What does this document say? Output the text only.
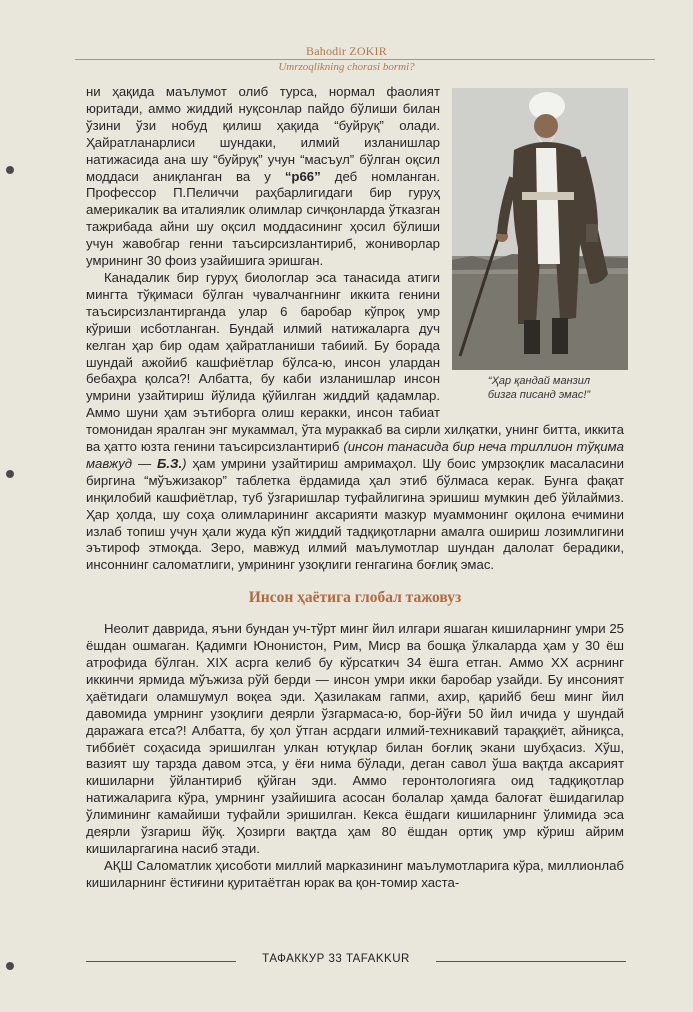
Bahodir ZOKIR
Umrzoqlikning chorasi bormi?
“Ҳар қандай манзил
бизга писанд эмас!”

ни ҳақида маълумот олиб турса, нормал фаолият юритади, аммо жиддий нуқсонлар пайдо бўлиши билан ўзини ўзи нобуд қилиш ҳақида “буйруқ” олади. Ҳайратланарлиси шундаки, илмий изланишлар натижасида ана шу “буйруқ” учун “масъул” бўлган оқсил моддаси аниқланган ва у “р66” деб номланган. Профессор П.Пеличчи раҳбарлигидаги бир гуруҳ америкалик ва италиялик олимлар сичқонларда ўтказган тажрибада айни шу оқсил моддасининг ҳосил бўлиши учун жавобгар генни таъсирсизлантириб, жониворлар умрининг 30 фоиз узайишига эришган.

Канадалик бир гуруҳ биологлар эса танасида атиги мингта тўқимаси бўлган чувалчангнинг иккита генини таъсирсизлантирганда улар 6 баробар кўпроқ умр кўриши исботланган. Бундай илмий натижаларга дуч келган ҳар бир одам ҳайратланиши табиий. Бу борада шундай ажойиб кашфиётлар бўлса-ю, инсон улардан бебаҳра қолса?! Албатта, бу каби изланишлар инсон умрини узайтириш йўлида қўйилган жиддий қадамлар. Аммо шуни ҳам эътиборга олиш керакки, инсон табиат томонидан яралган энг мукаммал, ўта мураккаб ва сирли хилқатки, унинг битта, иккита ва ҳатто юзта генини таъсирсизлантириб (инсон танасида бир неча триллион тўқима мавжуд — Б.З.) ҳам умрини узайтириш амримаҳол. Шу боис умрзоқлик масаласини биргина “мўъжизакор” таблетка ёрдамида ҳал этиб бўлмаса керак. Бунга фақат инқилобий кашфиётлар, туб ўзгаришлар туфайлигина эришиш мумкин деб ўйлаймиз. Ҳар ҳолда, шу соҳа олимларининг аксарияти мазкур муаммонинг оқилона ечимини излаб топиш учун ҳали жуда кўп жиддий тадқиқотларни амалга ошириш лозимлигини эътироф этмоқда. Зеро, мавжуд илмий маълумотлар шундан далолат берадики, инсоннинг саломатлиги, умрининг узоқлиги генгагина боғлиқ эмас.

Инсон ҳаётига глобал тажовуз

Неолит даврида, яъни бундан уч-тўрт минг йил илгари яшаган кишиларнинг умри 25 ёшдан ошмаган. Қадимги Юнонистон, Рим, Миср ва бошқа ўлкаларда ҳам у 30 ёш атрофида бўлган. XIX асрга келиб бу кўрсаткич 34 ёшга етган. Аммо XX асрнинг иккинчи ярмида мўъжиза рўй берди — инсон умри икки баробар узайди. Бу инсоният ҳаётидаги оламшумул воқеа эди. Ҳазилакам гапми, ахир, қарийб беш минг йил давомида умрнинг узоқлиги деярли ўзгармаса-ю, бор-йўғи 50 йил ичида у шундай даражага етса?! Албатта, бу ҳол ўтган асрдаги илмий-техникавий тараққиёт, айниқса, тиббиёт соҳасида эришилган улкан ютуқлар билан боғлиқ экани шубҳасиз. Хўш, вазият шу тарзда давом этса, у ёғи нима бўлади, деган савол ўша вақтда аксарият кишиларни ўйлантириб қўйган эди. Аммо геронтологияга оид тадқиқотлар натижаларига кўра, умрнинг узайишига асосан болалар ҳамда балоғат ёшидагилар ўлимининг камайиши туфайли эришилган. Кекса ёшдаги кишиларнинг ўлимида эса деярли ўзгариш йўқ. Ҳозирги вақтда ҳам 80 ёшдан ортиқ умр кўриш айрим кишиларгагина насиб этади.

АҚШ Саломатлик ҳисоботи миллий марказининг маълумотларига кўра, миллионлаб кишиларнинг ёстиғини қуритаётган юрак ва қон-томир хаста-

ТАФАККУР 33 TAFAKKUR
